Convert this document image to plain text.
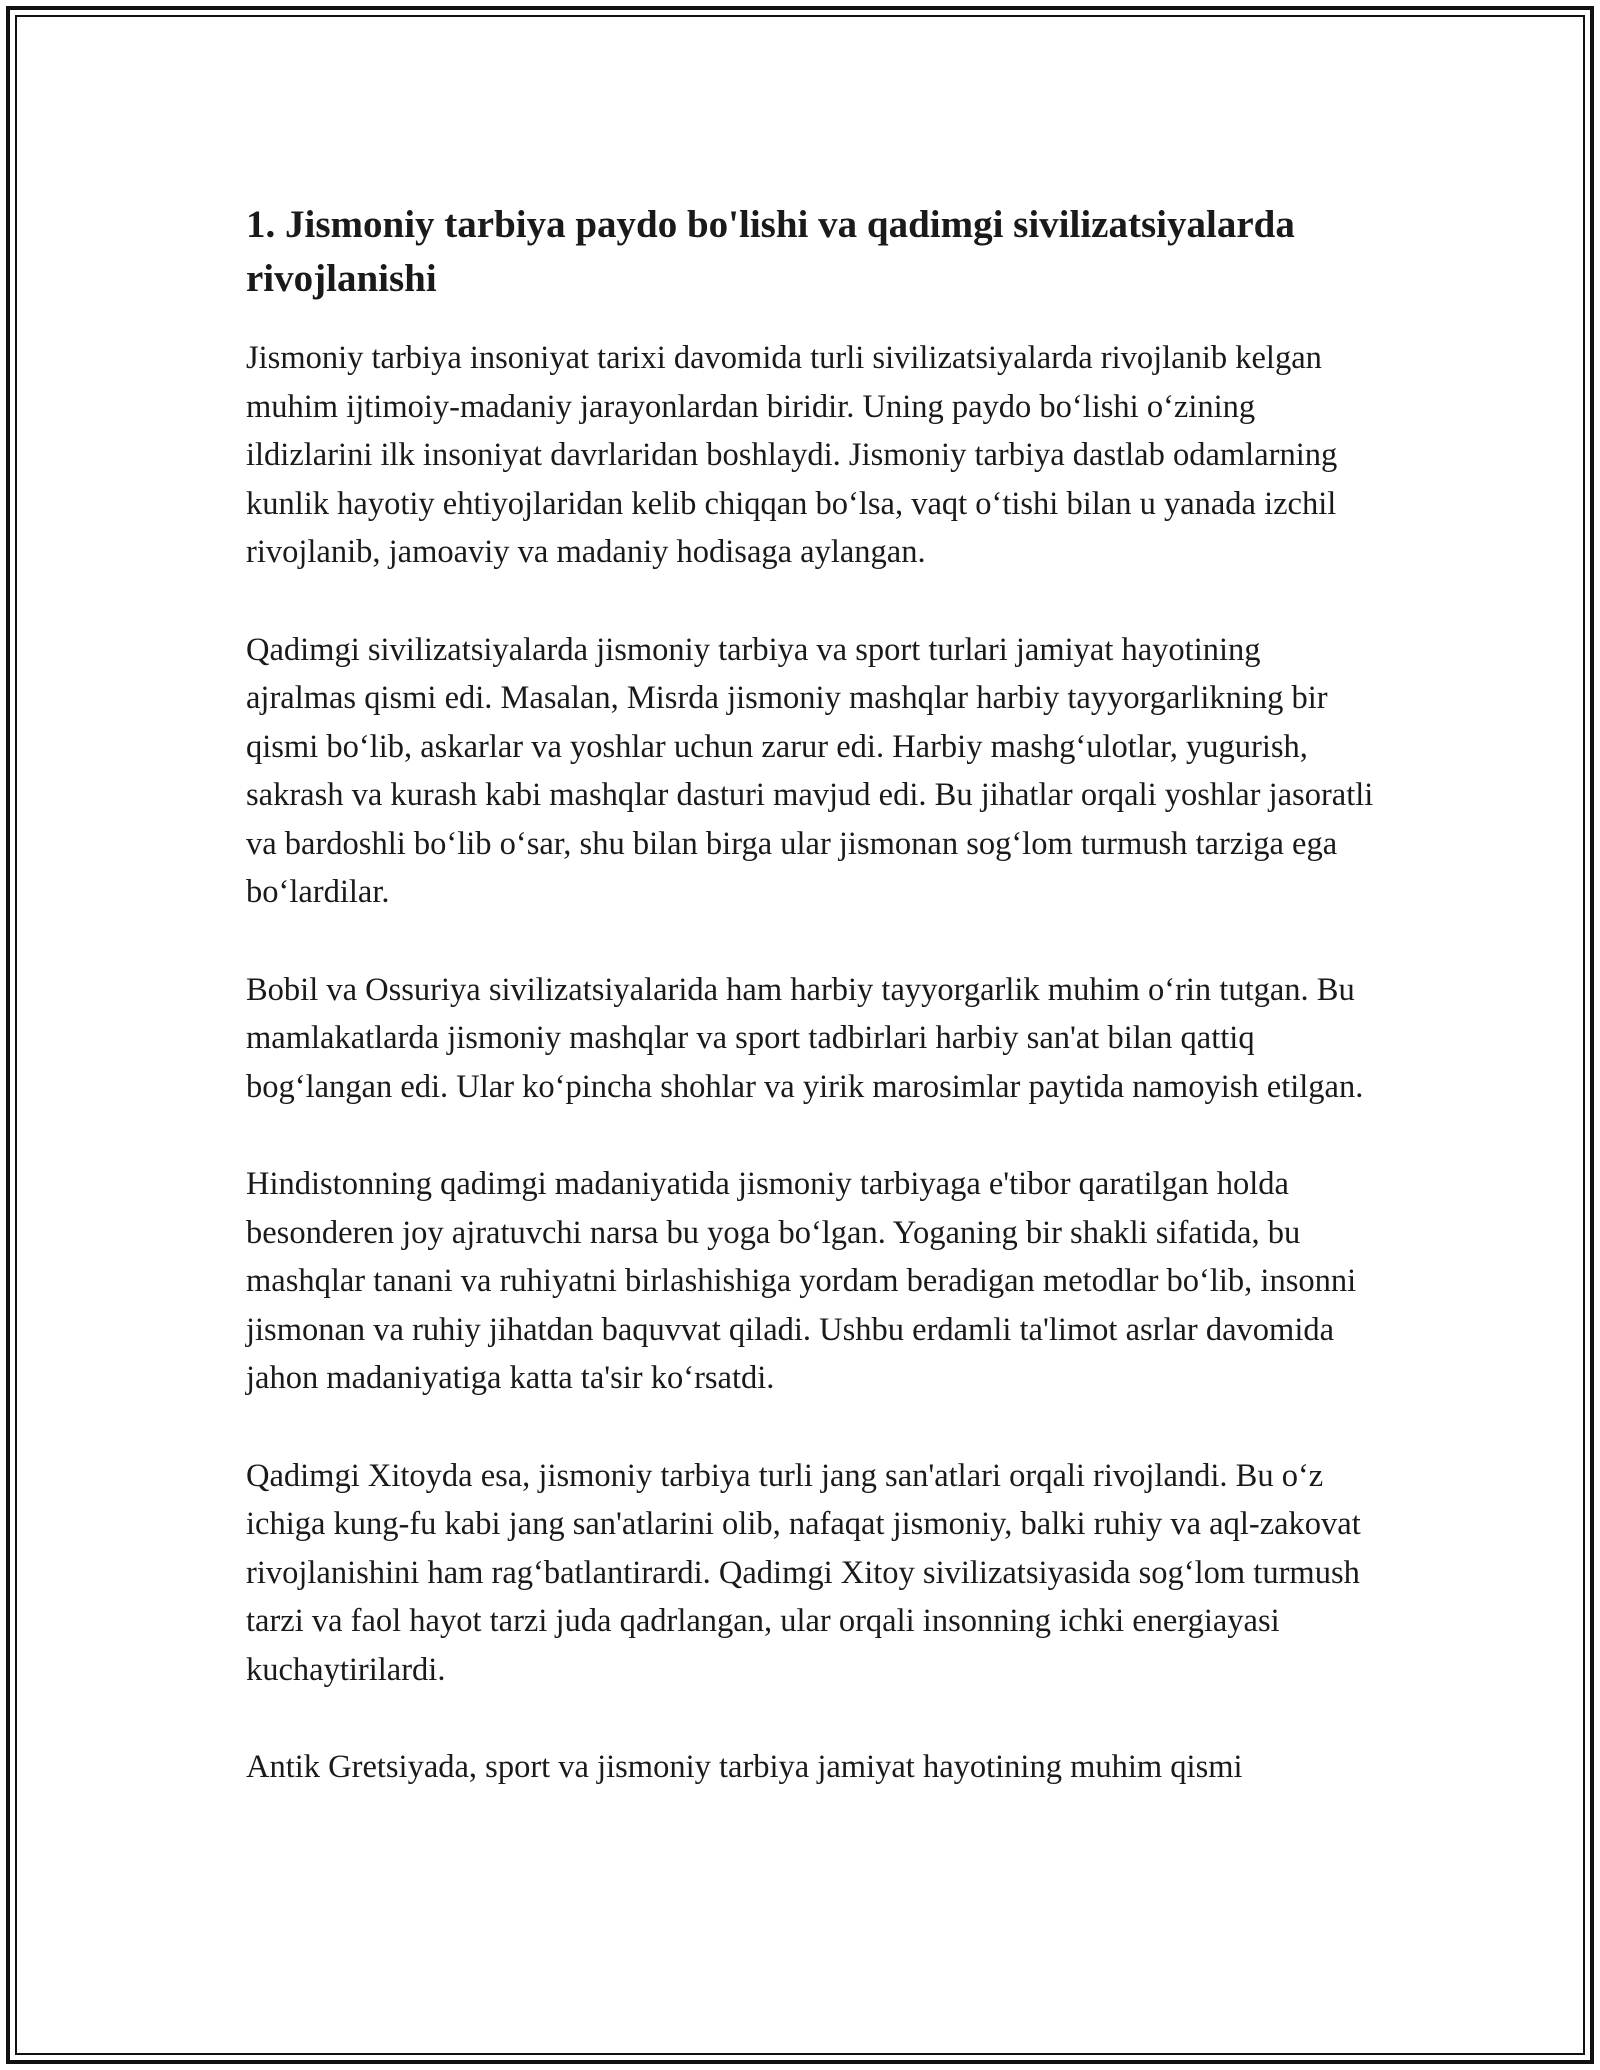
1. Jismoniy tarbiya paydo bo'lishi va qadimgi sivilizatsiyalarda rivojlanishi

Jismoniy tarbiya insoniyat tarixi davomida turli sivilizatsiyalarda rivojlanib kelgan muhim ijtimoiy-madaniy jarayonlardan biridir. Uning paydo bo‘lishi o‘zining ildizlarini ilk insoniyat davrlaridan boshlaydi. Jismoniy tarbiya dastlab odamlarning kunlik hayotiy ehtiyojlaridan kelib chiqqan bo‘lsa, vaqt o‘tishi bilan u yanada izchil rivojlanib, jamoaviy va madaniy hodisaga aylangan.

Qadimgi sivilizatsiyalarda jismoniy tarbiya va sport turlari jamiyat hayotining ajralmas qismi edi. Masalan, Misrda jismoniy mashqlar harbiy tayyorgarlikning bir qismi bo‘lib, askarlar va yoshlar uchun zarur edi. Harbiy mashg‘ulotlar, yugurish, sakrash va kurash kabi mashqlar dasturi mavjud edi. Bu jihatlar orqali yoshlar jasoratli va bardoshli bo‘lib o‘sar, shu bilan birga ular jismonan sog‘lom turmush tarziga ega bo‘lardilar.

Bobil va Ossuriya sivilizatsiyalarida ham harbiy tayyorgarlik muhim o‘rin tutgan. Bu mamlakatlarda jismoniy mashqlar va sport tadbirlari harbiy san'at bilan qattiq bog‘langan edi. Ular ko‘pincha shohlar va yirik marosimlar paytida namoyish etilgan.

Hindistonning qadimgi madaniyatida jismoniy tarbiyaga e'tibor qaratilgan holda besonderen joy ajratuvchi narsa bu yoga bo‘lgan. Yoganing bir shakli sifatida, bu mashqlar tanani va ruhiyatni birlashishiga yordam beradigan metodlar bo‘lib, insonni jismonan va ruhiy jihatdan baquvvat qiladi. Ushbu erdamli ta'limot asrlar davomida jahon madaniyatiga katta ta'sir ko‘rsatdi.

Qadimgi Xitoyda esa, jismoniy tarbiya turli jang san'atlari orqali rivojlandi. Bu o‘z ichiga kung-fu kabi jang san'atlarini olib, nafaqat jismoniy, balki ruhiy va aql-zakovat rivojlanishini ham rag‘batlantirardi. Qadimgi Xitoy sivilizatsiyasida sog‘lom turmush tarzi va faol hayot tarzi juda qadrlangan, ular orqali insonning ichki energiayasi kuchaytirilardi.

Antik Gretsiyada, sport va jismoniy tarbiya jamiyat hayotining muhim qismi
